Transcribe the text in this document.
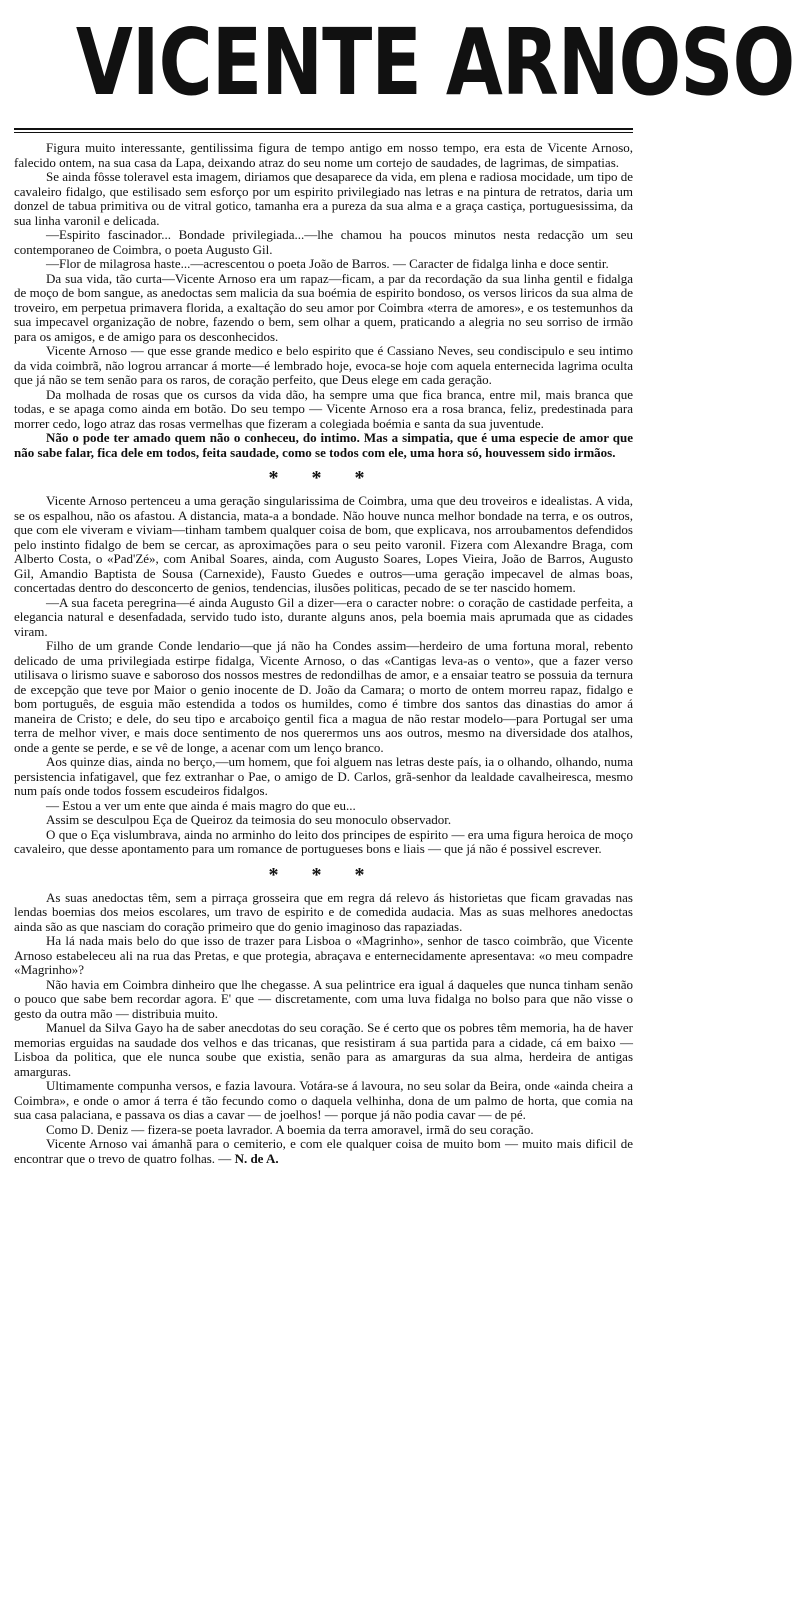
VICENTE ARNOSO

Figura muito interessante, gentilissima figura de tempo antigo em nosso tempo, era esta de Vicente Arnoso, falecido ontem, na sua casa da Lapa, deixando atraz do seu nome um cortejo de saudades, de lagrimas, de simpatias.

Se ainda fôsse toleravel esta imagem, diriamos que desaparece da vida, em plena e radiosa mocidade, um tipo de cavaleiro fidalgo, que estilisado sem esforço por um espirito privilegiado nas letras e na pintura de retratos, daria um donzel de tabua primitiva ou de vitral gotico, tamanha era a pureza da sua alma e a graça castiça, portuguesissima, da sua linha varonil e delicada.

—Espirito fascinador... Bondade privilegiada...—lhe chamou ha poucos minutos nesta redacção um seu contemporaneo de Coimbra, o poeta Augusto Gil.

—Flor de milagrosa haste...—acrescentou o poeta João de Barros. — Caracter de fidalga linha e doce sentir.

Da sua vida, tão curta—Vicente Arnoso era um rapaz—ficam, a par da recordação da sua linha gentil e fidalga de moço de bom sangue, as anedoctas sem malicia da sua boémia de espirito bondoso, os versos liricos da sua alma de troveiro, em perpetua primavera florida, a exaltação do seu amor por Coimbra «terra de amores», e os testemunhos da sua impecavel organização de nobre, fazendo o bem, sem olhar a quem, praticando a alegria no seu sorriso de irmão para os amigos, e de amigo para os desconhecidos.

Vicente Arnoso — que esse grande medico e belo espirito que é Cassiano Neves, seu condiscipulo e seu intimo da vida coimbrã, não logrou arrancar á morte—é lembrado hoje, evoca-se hoje com aquela enternecida lagrima oculta que já não se tem senão para os raros, de coração perfeito, que Deus elege em cada geração.

Da molhada de rosas que os cursos da vida dão, ha sempre uma que fica branca, entre mil, mais branca que todas, e se apaga como ainda em botão. Do seu tempo — Vicente Arnoso era a rosa branca, feliz, predestinada para morrer cedo, logo atraz das rosas vermelhas que fizeram a colegiada boémia e santa da sua juventude.

Não o pode ter amado quem não o conheceu, do intimo. Mas a simpatia, que é uma especie de amor que não sabe falar, fica dele em todos, feita saudade, como se todos com ele, uma hora só, houvessem sido irmãos.

* * *

Vicente Arnoso pertenceu a uma geração singularissima de Coimbra, uma que deu troveiros e idealistas. A vida, se os espalhou, não os afastou. A distancia, mata-a a bondade. Não houve nunca melhor bondade na terra, e os outros, que com ele viveram e viviam—tinham tambem qualquer coisa de bom, que explicava, nos arroubamentos defendidos pelo instinto fidalgo de bem se cercar, as aproximações para o seu peito varonil. Fizera com Alexandre Braga, com Alberto Costa, o «Pad'Zé», com Anibal Soares, ainda, com Augusto Soares, Lopes Vieira, João de Barros, Augusto Gil, Amandio Baptista de Sousa (Carnexide), Fausto Guedes e outros—uma geração impecavel de almas boas, concertadas dentro do desconcerto de genios, tendencias, ilusões politicas, pecado de se ter nascido homem.

—A sua faceta peregrina—é ainda Augusto Gil a dizer—era o caracter nobre: o coração de castidade perfeita, a elegancia natural e desenfadada, servido tudo isto, durante alguns anos, pela boemia mais aprumada que as cidades viram.

Filho de um grande Conde lendario—que já não ha Condes assim—herdeiro de uma fortuna moral, rebento delicado de uma privilegiada estirpe fidalga, Vicente Arnoso, o das «Cantigas leva-as o vento», que a fazer verso utilisava o lirismo suave e saboroso dos nossos mestres de redondilhas de amor, e a ensaiar teatro se possuia da ternura de excepção que teve por Maior o genio inocente de D. João da Camara; o morto de ontem morreu rapaz, fidalgo e bom português, de esguia mão estendida a todos os humildes, como é timbre dos santos das dinastias do amor á maneira de Cristo; e dele, do seu tipo e arcaboiço gentil fica a magua de não restar modelo—para Portugal ser uma terra de melhor viver, e mais doce sentimento de nos querermos uns aos outros, mesmo na diversidade dos atalhos, onde a gente se perde, e se vê de longe, a acenar com um lenço branco.

Aos quinze dias, ainda no berço,—um homem, que foi alguem nas letras deste país, ia o olhando, olhando, numa persistencia infatigavel, que fez extranhar o Pae, o amigo de D. Carlos, grã-senhor da lealdade cavalheiresca, mesmo num país onde todos fossem escudeiros fidalgos.

— Estou a ver um ente que ainda é mais magro do que eu...

Assim se desculpou Eça de Queiroz da teimosia do seu monoculo observador.

O que o Eça vislumbrava, ainda no arminho do leito dos principes de espirito — era uma figura heroica de moço cavaleiro, que desse apontamento para um romance de portugueses bons e liais — que já não é possivel escrever.

* * *

As suas anedoctas têm, sem a pirraça grosseira que em regra dá relevo ás historietas que ficam gravadas nas lendas boemias dos meios escolares, um travo de espirito e de comedida audacia. Mas as suas melhores anedoctas ainda são as que nasciam do coração primeiro que do genio imaginoso das rapaziadas.

Ha lá nada mais belo do que isso de trazer para Lisboa o «Magrinho», senhor de tasco coimbrão, que Vicente Arnoso estabeleceu ali na rua das Pretas, e que protegia, abraçava e enternecidamente apresentava: «o meu compadre «Magrinho»?

Não havia em Coimbra dinheiro que lhe chegasse. A sua pelintrice era igual á daqueles que nunca tinham senão o pouco que sabe bem recordar agora. E' que — discretamente, com uma luva fidalga no bolso para que não visse o gesto da outra mão — distribuia muito.

Manuel da Silva Gayo ha de saber anecdotas do seu coração. Se é certo que os pobres têm memoria, ha de haver memorias erguidas na saudade dos velhos e das tricanas, que resistiram á sua partida para a cidade, cá em baixo — Lisboa da politica, que ele nunca soube que existia, senão para as amarguras da sua alma, herdeira de antigas amarguras.

Ultimamente compunha versos, e fazia lavoura. Votára-se á lavoura, no seu solar da Beira, onde «ainda cheira a Coimbra», e onde o amor á terra é tão fecundo como o daquela velhinha, dona de um palmo de horta, que comia na sua casa palaciana, e passava os dias a cavar — de joelhos! — porque já não podia cavar — de pé.

Como D. Deniz — fizera-se poeta lavrador. A boemia da terra amoravel, irmã do seu coração.

Vicente Arnoso vai ámanhã para o cemiterio, e com ele qualquer coisa de muito bom — muito mais dificil de encontrar que o trevo de quatro folhas. — N. de A.
